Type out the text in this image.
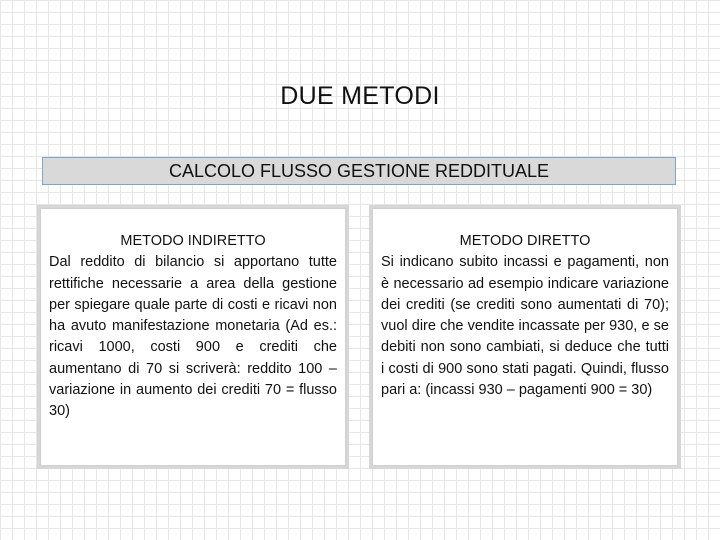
DUE METODI
CALCOLO FLUSSO GESTIONE REDDITUALE
METODO INDIRETTO
Dal reddito di bilancio si apportano tutte rettifiche necessarie a area della gestione per spiegare quale parte di costi e ricavi non ha avuto manifestazione monetaria (Ad es.: ricavi 1000, costi 900 e crediti che aumentano di 70 si scriverà: reddito 100 – variazione in aumento dei crediti 70 = flusso 30)
METODO DIRETTO
Si indicano subito incassi e pagamenti, non è necessario ad esempio indicare variazione dei crediti (se crediti sono aumentati di 70); vuol dire che vendite incassate per 930, e se debiti non sono cambiati, si deduce che tutti i costi di 900 sono stati pagati. Quindi, flusso pari a: (incassi 930 – pagamenti 900 = 30)
